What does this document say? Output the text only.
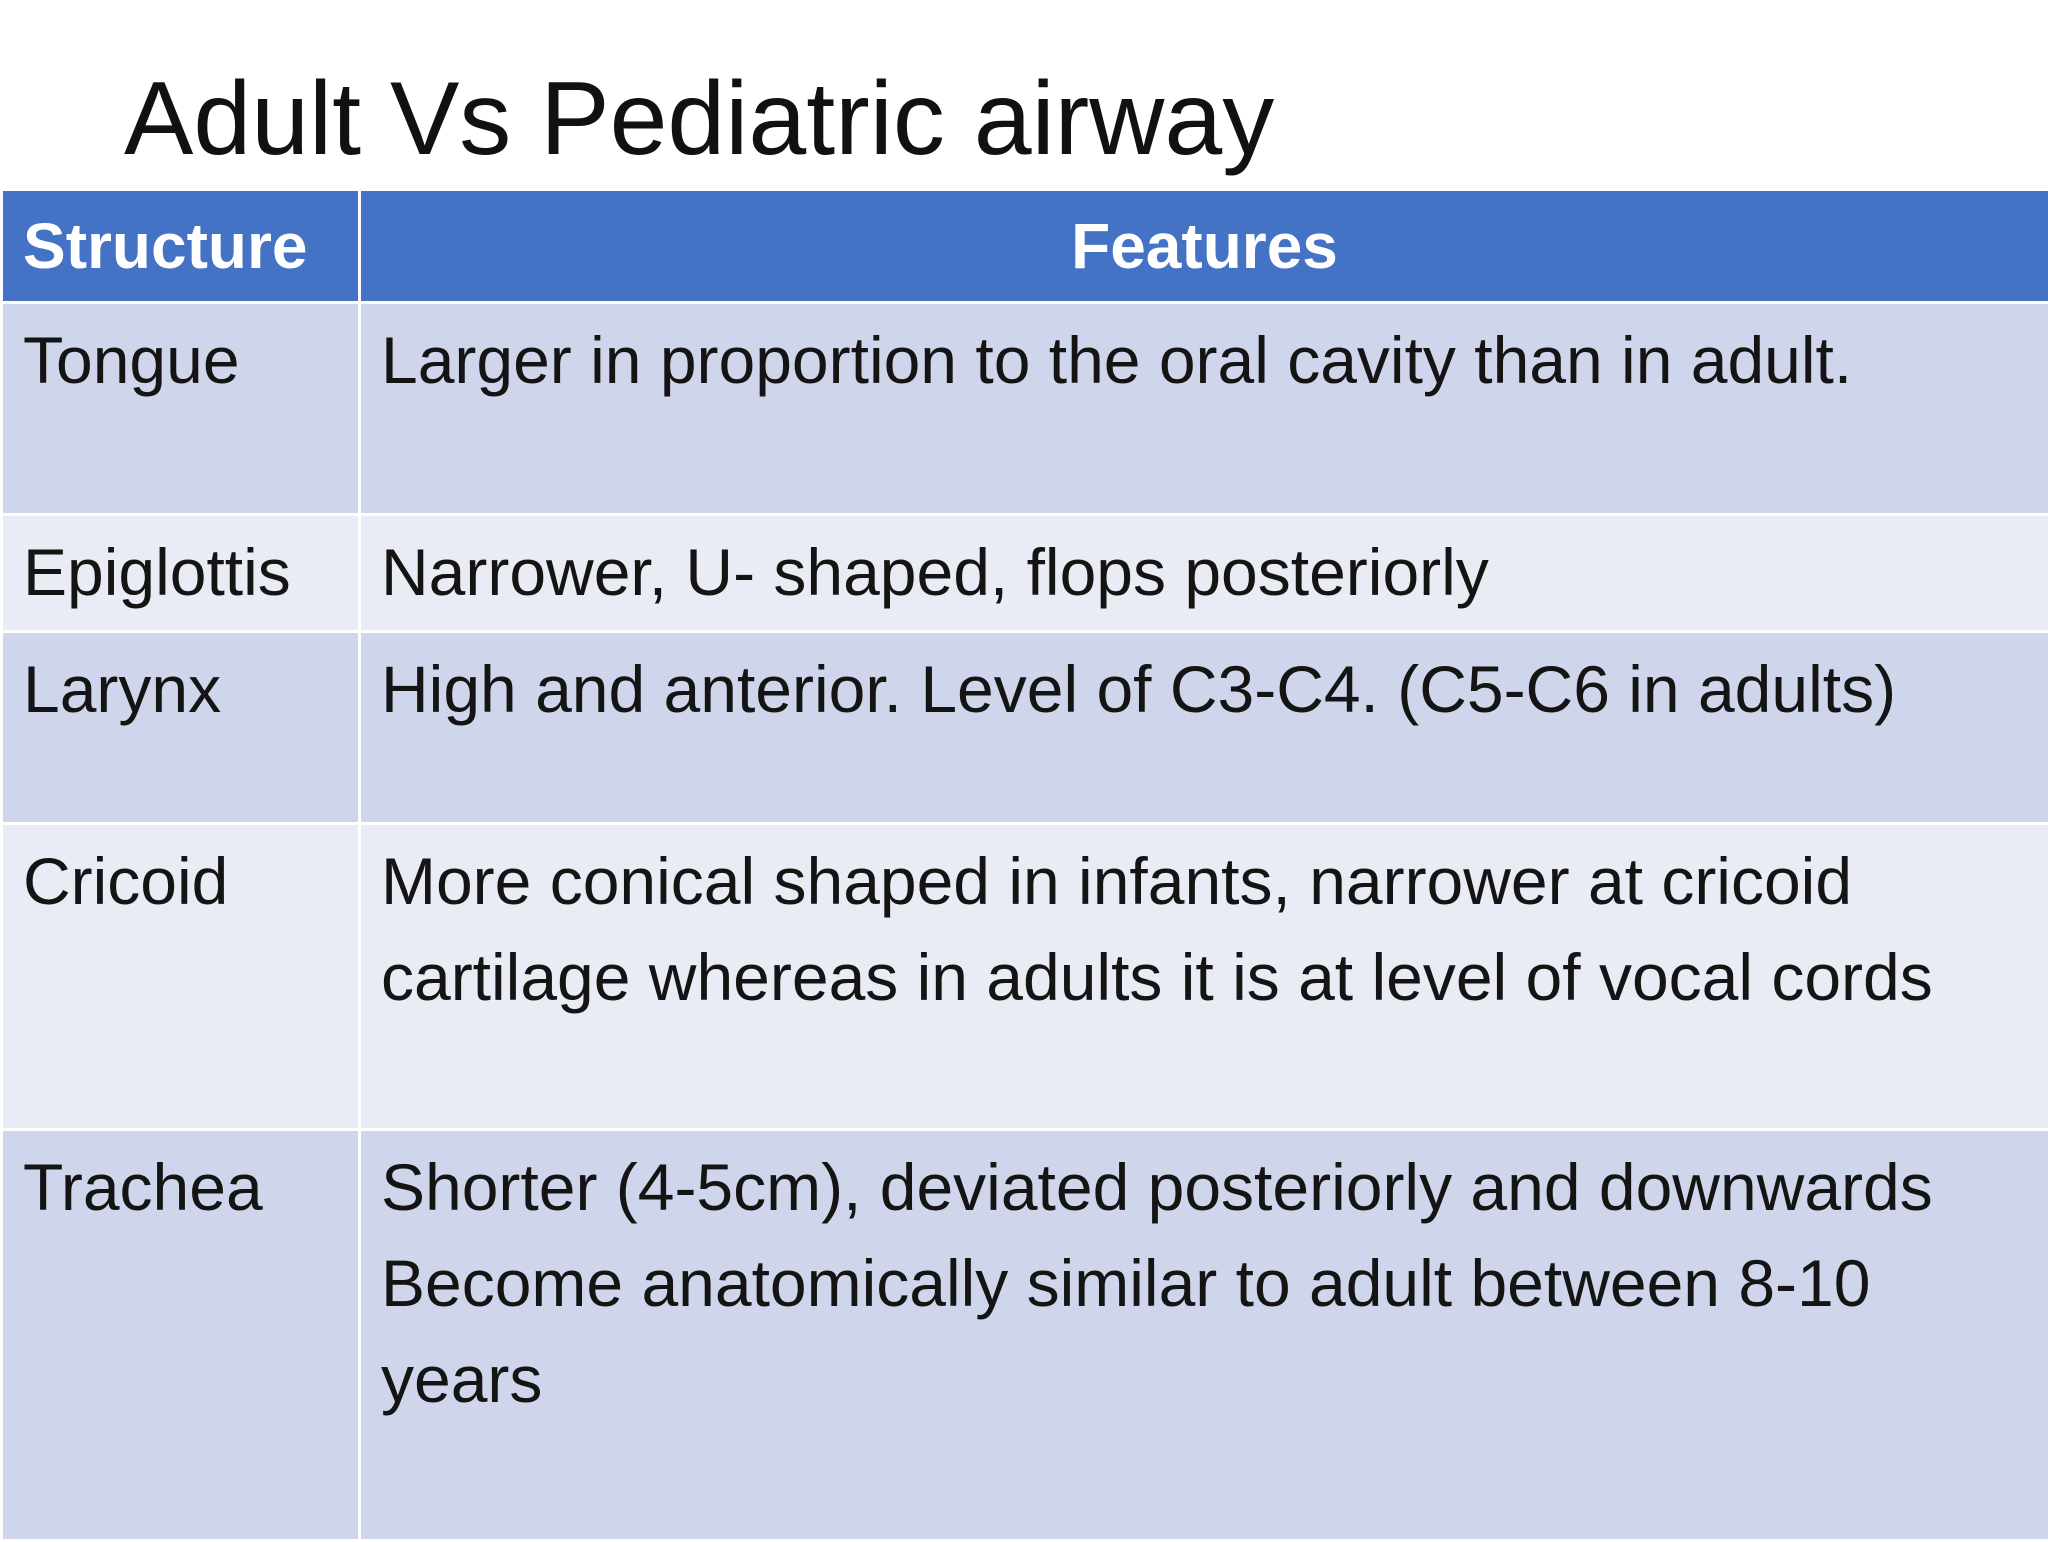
Adult Vs Pediatric airway
Structure	Features
Tongue	Larger in proportion to the oral cavity than in adult.

Epiglottis	Narrower, U- shaped, flops posteriorly

Larynx	High and anterior. Level of C3-C4. (C5-C6 in adults)

Cricoid	More conical shaped in infants, narrower at cricoid cartilage whereas in adults it is at level of vocal cords

Trachea	Shorter (4-5cm), deviated posteriorly and downwards
Become anatomically similar to adult between 8-10 years
